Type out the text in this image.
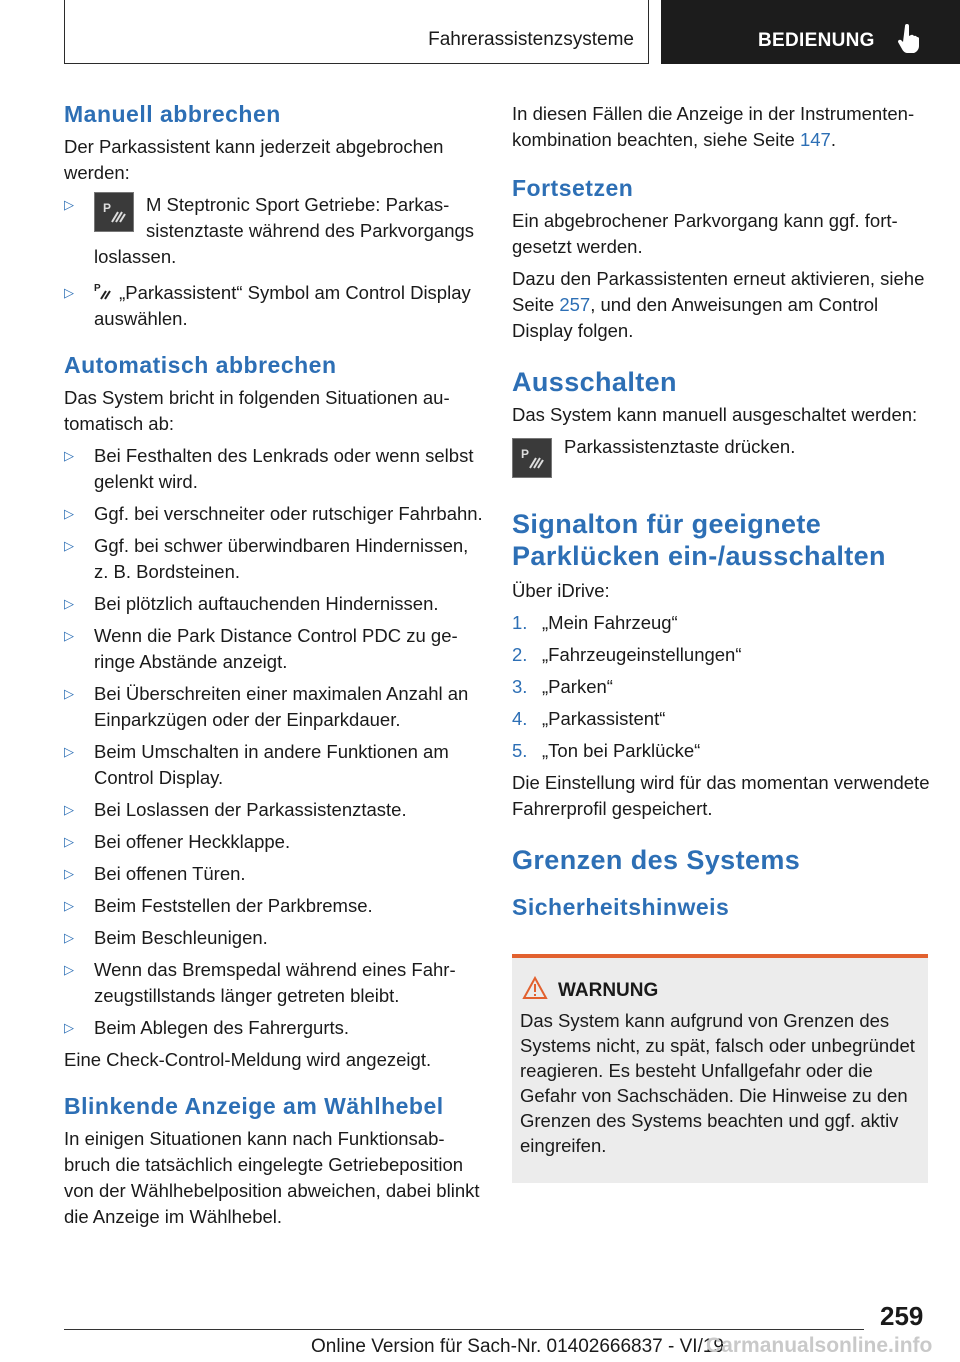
Fahrerassistenzsysteme	BEDIENUNG
Manuell abbrechen

Der Parkassistent kann jederzeit abgebrochen werden:

▷ P M Steptronic Sport Getriebe: Parkassistenztaste während des Parkvorgangs loslassen.
▷ P „Parkassistent“ Symbol am Control Display auswählen.
Automatisch abbrechen

Das System bricht in folgenden Situationen automatisch ab:

▷ Bei Festhalten des Lenkrads oder wenn selbst gelenkt wird.
▷ Ggf. bei verschneiter oder rutschiger Fahrbahn.
▷ Ggf. bei schwer überwindbaren Hindernissen, z. B. Bordsteinen.
▷ Bei plötzlich auftauchenden Hindernissen.
▷ Wenn die Park Distance Control PDC zu geringe Abstände anzeigt.
▷ Bei Überschreiten einer maximalen Anzahl an Einparkzügen oder der Einparkdauer.
▷ Beim Umschalten in andere Funktionen am Control Display.
▷ Bei Loslassen der Parkassistenztaste.
▷ Bei offener Heckklappe.
▷ Bei offenen Türen.
▷ Beim Feststellen der Parkbremse.
▷ Beim Beschleunigen.
▷ Wenn das Bremspedal während eines Fahrzeugstillstands länger getreten bleibt.
▷ Beim Ablegen des Fahrergurts.

Eine Check-Control-Meldung wird angezeigt.

Blinkende Anzeige am Wählhebel

In einigen Situationen kann nach Funktionsabbruch die tatsächlich eingelegte Getriebeposition von der Wählhebelposition abweichen, dabei blinkt die Anzeige im Wählhebel.

In diesen Fällen die Anzeige in der Instrumentenkombination beachten, siehe Seite 147.

Fortsetzen

Ein abgebrochener Parkvorgang kann ggf. fortgesetzt werden.

Dazu den Parkassistenten erneut aktivieren, siehe Seite 257, und den Anweisungen am Control Display folgen.

Ausschalten

Das System kann manuell ausgeschaltet werden:

P Parkassistenztaste drücken.
Signalton für geeignete Parklücken ein-/ausschalten

Über iDrive:

1. „Mein Fahrzeug“
2. „Fahrzeugeinstellungen“
3. „Parken“
4. „Parkassistent“
5. „Ton bei Parklücke“

Die Einstellung wird für das momentan verwendete Fahrerprofil gespeichert.

Grenzen des Systems
Sicherheitshinweis
WARNUNG
Das System kann aufgrund von Grenzen des Systems nicht, zu spät, falsch oder unbegründet reagieren. Es besteht Unfallgefahr oder die Gefahr von Sachschäden. Die Hinweise zu den Grenzen des Systems beachten und ggf. aktiv eingreifen.
259
Online Version für Sach-Nr. 01402666837 - VI/19
Carmanualsonline.info
